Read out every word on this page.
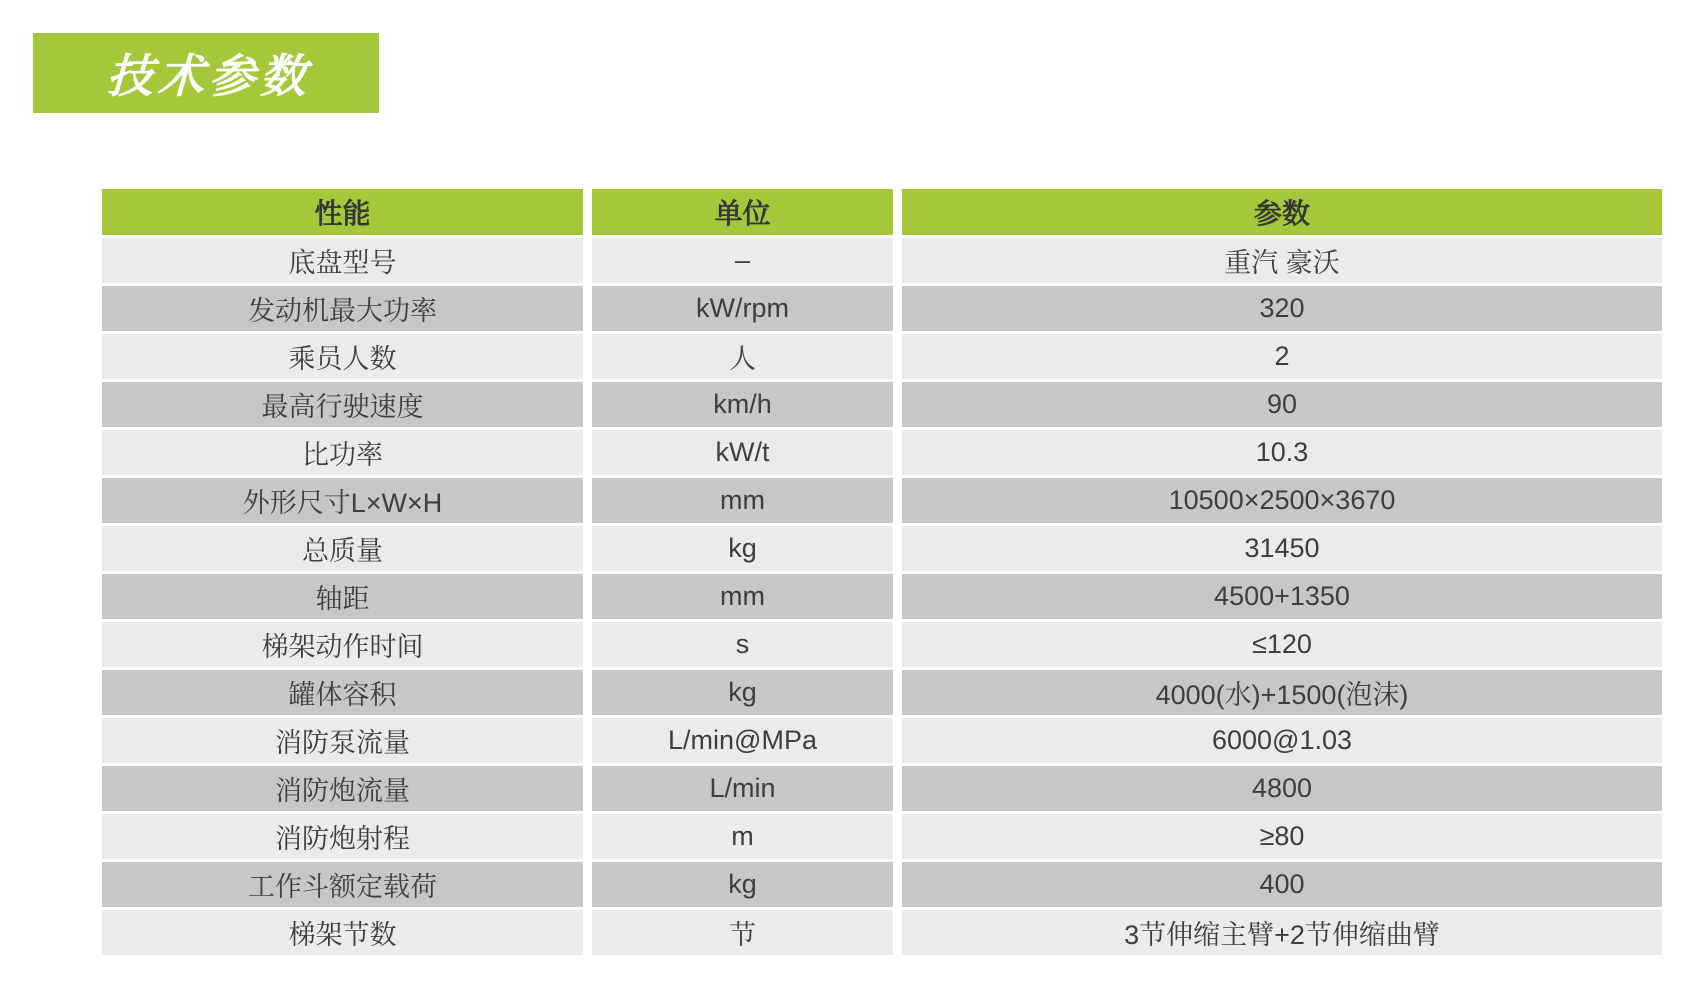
技术参数
性能	单位	参数
底盘型号	–	重汽 豪沃
发动机最大功率	kW/rpm	320
乘员人数	人	2
最高行驶速度	km/h	90
比功率	kW/t	10.3
外形尺寸L×W×H	mm	10500×2500×3670
总质量	kg	31450
轴距	mm	4500+1350
梯架动作时间	s	≤120
罐体容积	kg	4000(水)+1500(泡沫)
消防泵流量	L/min@MPa	6000@1.03
消防炮流量	L/min	4800
消防炮射程	m	≥80
工作斗额定载荷	kg	400
梯架节数	节	3节伸缩主臂+2节伸缩曲臂
